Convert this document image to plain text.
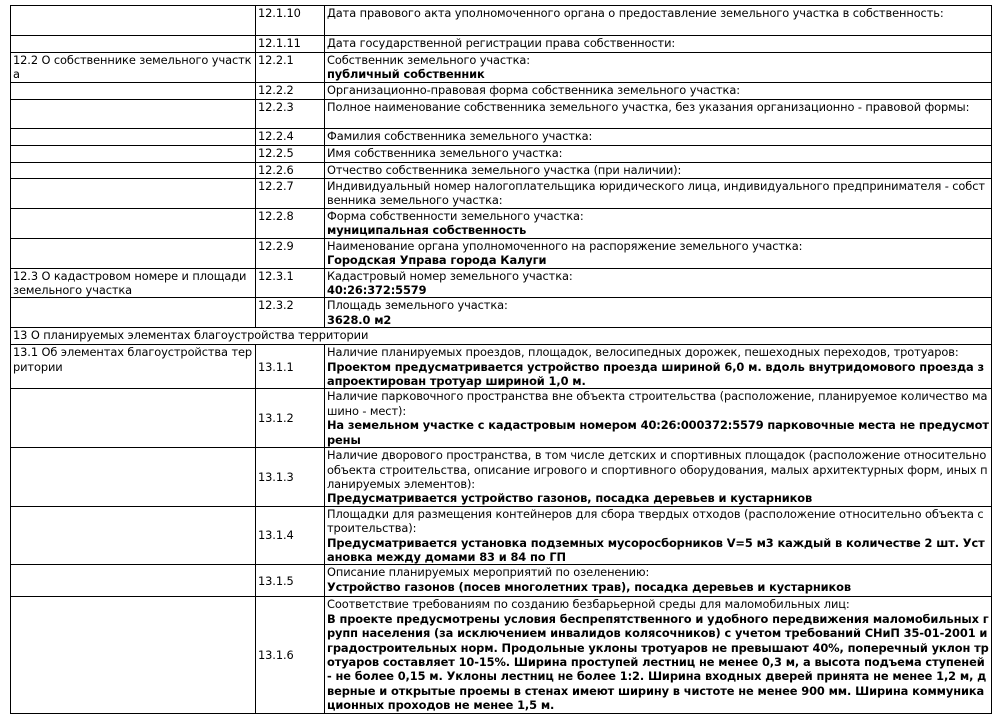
	12.1.10	Дата правового акта уполномоченного органа о предоставление земельного участка в собственность:

	12.1.11	Дата государственной регистрации права собственности:

12.2 О собственнике земельного участка	12.2.1	Собственник земельного участка:
публичный собственник

	12.2.2	Организационно-правовая форма собственника земельного участка:

	12.2.3	Полное наименование собственника земельного участка, без указания организационно - правовой формы:

	12.2.4	Фамилия собственника земельного участка:

	12.2.5	Имя собственника земельного участка:

	12.2.6	Отчество собственника земельного участка (при наличии):

	12.2.7	Индивидуальный номер налогоплательщика юридического лица, индивидуального предпринимателя - собственника земельного участка:

	12.2.8	Форма собственности земельного участка:
муниципальная собственность

	12.2.9	Наименование органа уполномоченного на распоряжение земельного участка:
Городская Управа города Калуги

12.3 О кадастровом номере и площади земельного участка	12.3.1	Кадастровый номер земельного участка:
40:26:372:5579

	12.3.2	Площадь земельного участка:
3628.0 м2

13 О планируемых элементах благоустройства территории		
13.1 Об элементах благоустройства территории	13.1.1	Наличие планируемых проездов, площадок, велосипедных дорожек, пешеходных переходов, тротуаров:
Проектом предусматривается устройство проезда шириной 6,0 м. вдоль внутридомового проезда запроектирован тротуар шириной 1,0 м.

	13.1.2	Наличие парковочного пространства вне объекта строительства (расположение, планируемое количество машино - мест):
На земельном участке с кадастровым номером 40:26:000372:5579 парковочные места не предусмотрены

	13.1.3	Наличие дворового пространства, в том числе детских и спортивных площадок (расположение относительно объекта строительства, описание игрового и спортивного оборудования, малых архитектурных форм, иных планируемых элементов):
Предусматривается устройство газонов, посадка деревьев и кустарников

	13.1.4	Площадки для размещения контейнеров для сбора твердых отходов (расположение относительно объекта строительства):
Предусматривается установка подземных мусоросборников V=5 м3 каждый в количестве 2 шт. Установка между домами 83 и 84 по ГП

	13.1.5	Описание планируемых мероприятий по озеленению:
Устройство газонов (посев многолетних трав), посадка деревьев и кустарников

	13.1.6	Соответствие требованиям по созданию безбарьерной среды для маломобильных лиц:
В проекте предусмотрены условия беспрепятственного и удобного передвижения маломобильных групп населения (за исключением инвалидов колясочников) с учетом требований СНиП 35-01-2001 и градостроительных норм. Продольные уклоны тротуаров не превышают 40%, поперечный уклон тротуаров составляет 10-15%. Ширина проступей лестниц не менее 0,3 м, а высота подъема ступеней - не более 0,15 м. Уклоны лестниц не более 1:2. Ширина входных дверей принята не менее 1,2 м, дверные и открытые проемы в стенах имеют ширину в чистоте не менее 900 мм. Ширина коммуникационных проходов не менее 1,5 м.
